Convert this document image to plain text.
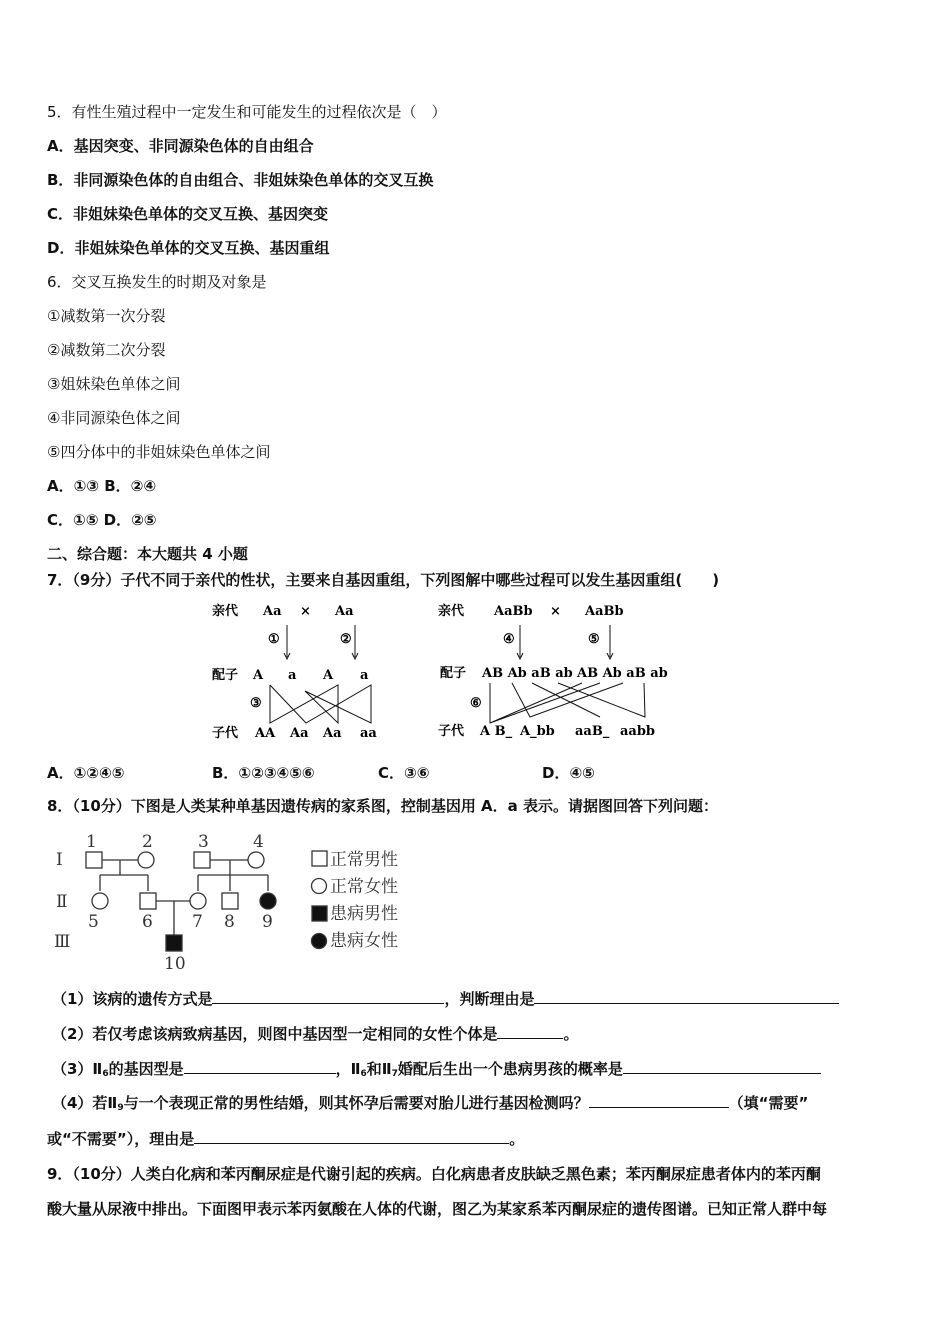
5．有性生殖过程中一定发生和可能发生的过程依次是（　）
A．基因突变、非同源染色体的自由组合
B．非同源染色体的自由组合、非姐妹染色单体的交叉互换
C．非姐妹染色单体的交叉互换、基因突变
D．非姐妹染色单体的交叉互换、基因重组
6．交叉互换发生的时期及对象是
①减数第一次分裂
②减数第二次分裂
③姐妹染色单体之间
④非同源染色体之间
⑤四分体中的非姐妹染色单体之间
A．①③ B．②④
C．①⑤ D．②⑤
二、综合题：本大题共 4 小题
7．（9分）子代不同于亲代的性状，主要来自基因重组，下列图解中哪些过程可以发生基因重组(　　)
亲代 Aa × Aa
①	②
配子 A a A a
③
子代 AA Aa Aa aa
亲代 AaBb × AaBb
④	⑤
配子 AB Ab aB ab AB Ab aB ab
⑥
子代 A B_ A_bb aaB_ aabb
A．①②④⑤	B．①②③④⑤⑥	C．③⑥	D．④⑤
8．（10分）下图是人类某种单基因遗传病的家系图，控制基因用 A．a 表示。请据图回答下列问题：
Ⅰ
Ⅱ
Ⅲ
1	2	3	4
5	6 7 8 9
10
正常男性
正常女性
患病男性
患病女性
（1）该病的遗传方式是	，判断理由是
（2）若仅考虑该病致病基因，则图中基因型一定相同的女性个体是	。
$(3)Ⅱ_6$的基因型是	，$Ⅱ_6$和$Ⅱ_7$婚配后生出一个患病男孩的概率是
（4）若$Ⅱ_9$与一个表现正常的男性结婚，则其怀孕后需要对胎儿进行基因检测吗？	（填“需要”
或“不需要”），理由是	。
9．（10分）人类白化病和苯丙酮尿症是代谢引起的疾病。白化病患者皮肤缺乏黑色素；苯丙酮尿症患者体内的苯丙酮
酸大量从尿液中排出。下面图甲表示苯丙氨酸在人体的代谢，图乙为某家系苯丙酮尿症的遗传图谱。已知正常人群中每
